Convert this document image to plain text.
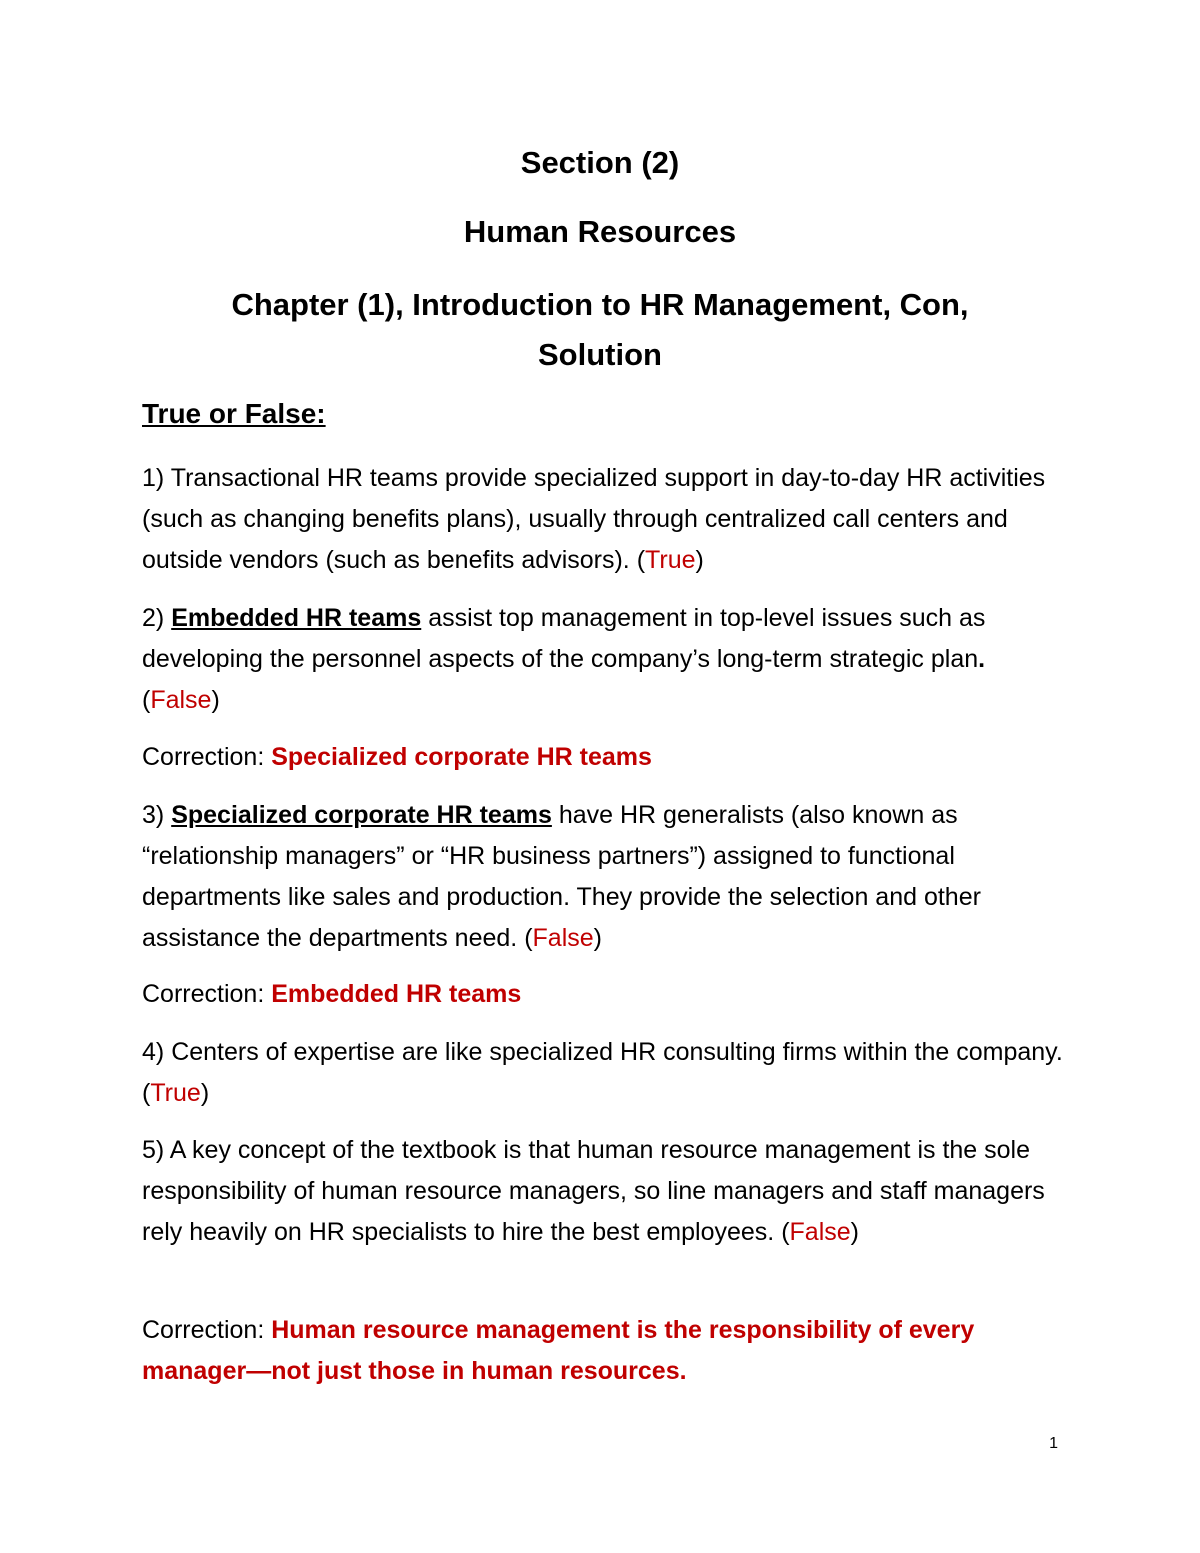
Section (2)
Human Resources
Chapter (1), Introduction to HR Management, Con,
Solution
True or False:
1) Transactional HR teams provide specialized support in day-to-day HR activities (such as changing benefits plans), usually through centralized call centers and outside vendors (such as benefits advisors). (True)
2) Embedded HR teams assist top management in top-level issues such as developing the personnel aspects of the company’s long-term strategic plan. (False)
Correction: Specialized corporate HR teams
3) Specialized corporate HR teams have HR generalists (also known as “relationship managers” or “HR business partners”) assigned to functional departments like sales and production. They provide the selection and other assistance the departments need. (False)
Correction: Embedded HR teams
4) Centers of expertise are like specialized HR consulting firms within the company. (True)
5) A key concept of the textbook is that human resource management is the sole responsibility of human resource managers, so line managers and staff managers rely heavily on HR specialists to hire the best employees. (False)
Correction: Human resource management is the responsibility of every manager—not just those in human resources.
1
